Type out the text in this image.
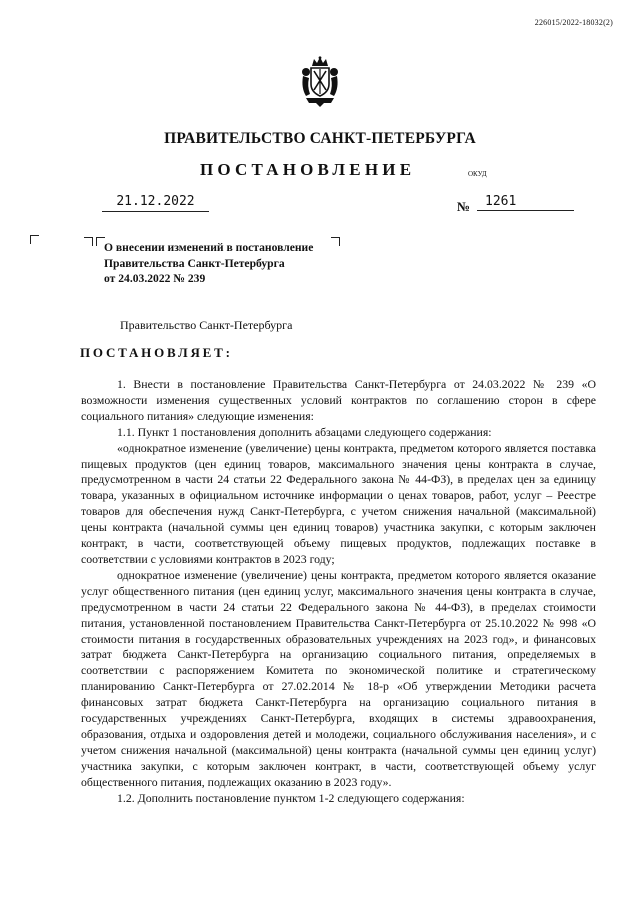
226015/2022-18032(2)
ПРАВИТЕЛЬСТВО САНКТ-ПЕТЕРБУРГА
ПОСТАНОВЛЕНИЕ	ОКУД
21.12.2022	№	1261
О внесении изменений в постановление
Правительства Санкт-Петербурга
от 24.03.2022 № 239
Правительство Санкт-Петербурга
ПОСТАНОВЛЯЕТ:

1. Внести в постановление Правительства Санкт-Петербурга от 24.03.2022 № 239 «О возможности изменения существенных условий контрактов по соглашению сторон в сфере социального питания» следующие изменения:

1.1. Пункт 1 постановления дополнить абзацами следующего содержания:

«однократное изменение (увеличение) цены контракта, предметом которого является поставка пищевых продуктов (цен единиц товаров, максимального значения цены контракта в случае, предусмотренном в части 24 статьи 22 Федерального закона № 44-ФЗ), в пределах цен за единицу товара, указанных в официальном источнике информации о ценах товаров, работ, услуг – Реестре товаров для обеспечения нужд Санкт-Петербурга, с учетом снижения начальной (максимальной) цены контракта (начальной суммы цен единиц товаров) участника закупки, с которым заключен контракт, в части, соответствующей объему пищевых продуктов, подлежащих поставке в соответствии с условиями контрактов в 2023 году;

однократное изменение (увеличение) цены контракта, предметом которого является оказание услуг общественного питания (цен единиц услуг, максимального значения цены контракта в случае, предусмотренном в части 24 статьи 22 Федерального закона № 44-ФЗ), в пределах стоимости питания, установленной постановлением Правительства Санкт-Петербурга от 25.10.2022 № 998 «О стоимости питания в государственных образовательных учреждениях на 2023 год», и финансовых затрат бюджета Санкт-Петербурга на организацию социального питания, определяемых в соответствии с распоряжением Комитета по экономической политике и стратегическому планированию Санкт-Петербурга от 27.02.2014 № 18-р «Об утверждении Методики расчета финансовых затрат бюджета Санкт-Петербурга на организацию социального питания в государственных учреждениях Санкт-Петербурга, входящих в системы здравоохранения, образования, отдыха и оздоровления детей и молодежи, социального обслуживания населения», и с учетом снижения начальной (максимальной) цены контракта (начальной суммы цен единиц услуг) участника закупки, с которым заключен контракт, в части, соответствующей объему услуг общественного питания, подлежащих оказанию в 2023 году».

1.2. Дополнить постановление пунктом 1-2 следующего содержания:
